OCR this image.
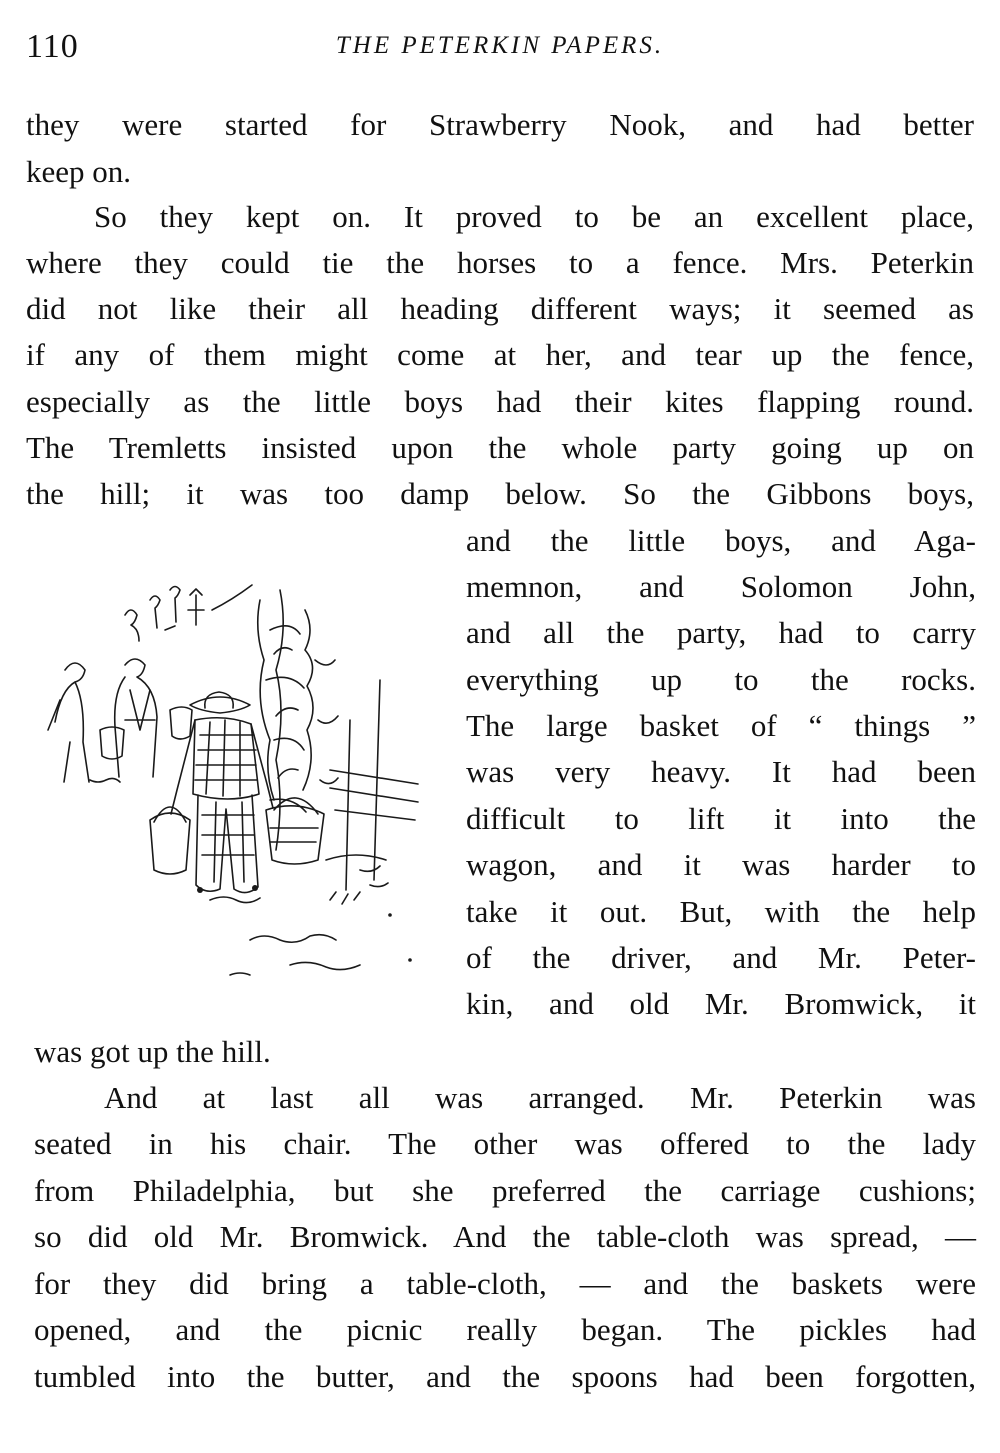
110	THE PETERKIN PAPERS.
they were started for Strawberry Nook, and had better
keep on.
So they kept on. It proved to be an excellent place,
where they could tie the horses to a fence. Mrs. Peterkin
did not like their all heading different ways; it seemed as
if any of them might come at her, and tear up the fence,
especially as the little boys had their kites flapping round.
The Tremletts insisted upon the whole party going up on
the hill; it was too damp below. So the Gibbons boys,
and the little boys, and Aga-
memnon, and Solomon John,
and all the party, had to carry
everything up to the rocks.
The large basket of “ things ”
was very heavy. It had been
difficult to lift it into the
wagon, and it was harder to
take it out. But, with the help
of the driver, and Mr. Peter-
kin, and old Mr. Bromwick, it
was got up the hill.
And at last all was arranged. Mr. Peterkin was
seated in his chair. The other was offered to the lady
from Philadelphia, but she preferred the carriage cushions;
so did old Mr. Bromwick. And the table-cloth was spread, —
for they did bring a table-cloth, — and the baskets were
opened, and the picnic really began. The pickles had
tumbled into the butter, and the spoons had been forgotten,
